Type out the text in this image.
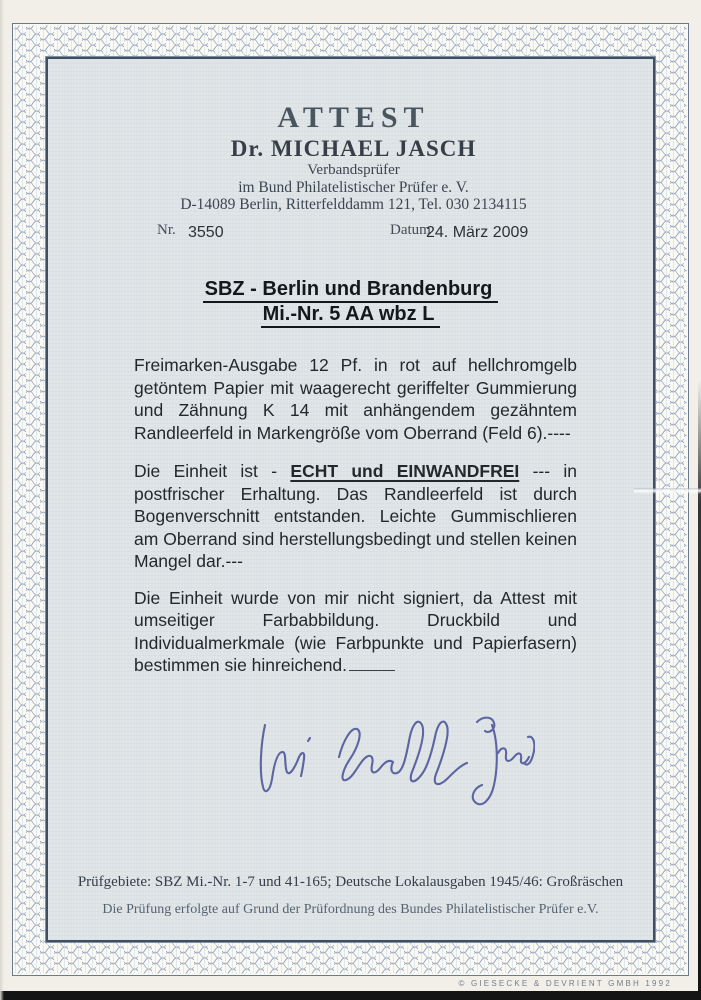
ATTEST
Dr. MICHAEL JASCH
Verbandsprüfer
im Bund Philatelistischer Prüfer e. V.
D-14089 Berlin, Ritterfelddamm 121, Tel. 030 2134115
Nr. 3550	Datum
24. März 2009
SBZ - Berlin und Brandenburg
Mi.-Nr. 5 AA wbz L

Freimarken-Ausgabe 12 Pf. in rot auf hellchromgelb getöntem Papier mit waagerecht geriffelter Gummierung und Zähnung K 14 mit anhängendem gezähntem Randleerfeld in Markengröße vom Oberrand (Feld 6).----

Die Einheit ist - ECHT und EINWANDFREI --- in postfrischer Erhaltung. Das Randleerfeld ist durch Bogenverschnitt entstanden. Leichte Gummischlieren am Oberrand sind herstellungsbedingt und stellen keinen Mangel dar.---

Die Einheit wurde von mir nicht signiert, da Attest mit umseitiger Farbabbildung. Druckbild und Individualmerkmale (wie Farbpunkte und Papierfasern) bestimmen sie hinreichend.

Prüfgebiete: SBZ Mi.-Nr. 1-7 und 41-165; Deutsche Lokalausgaben 1945/46: Großräschen
Die Prüfung erfolgte auf Grund der Prüfordnung des Bundes Philatelistischer Prüfer e.V.
© GIESECKE & DEVRIENT GMBH 1992
